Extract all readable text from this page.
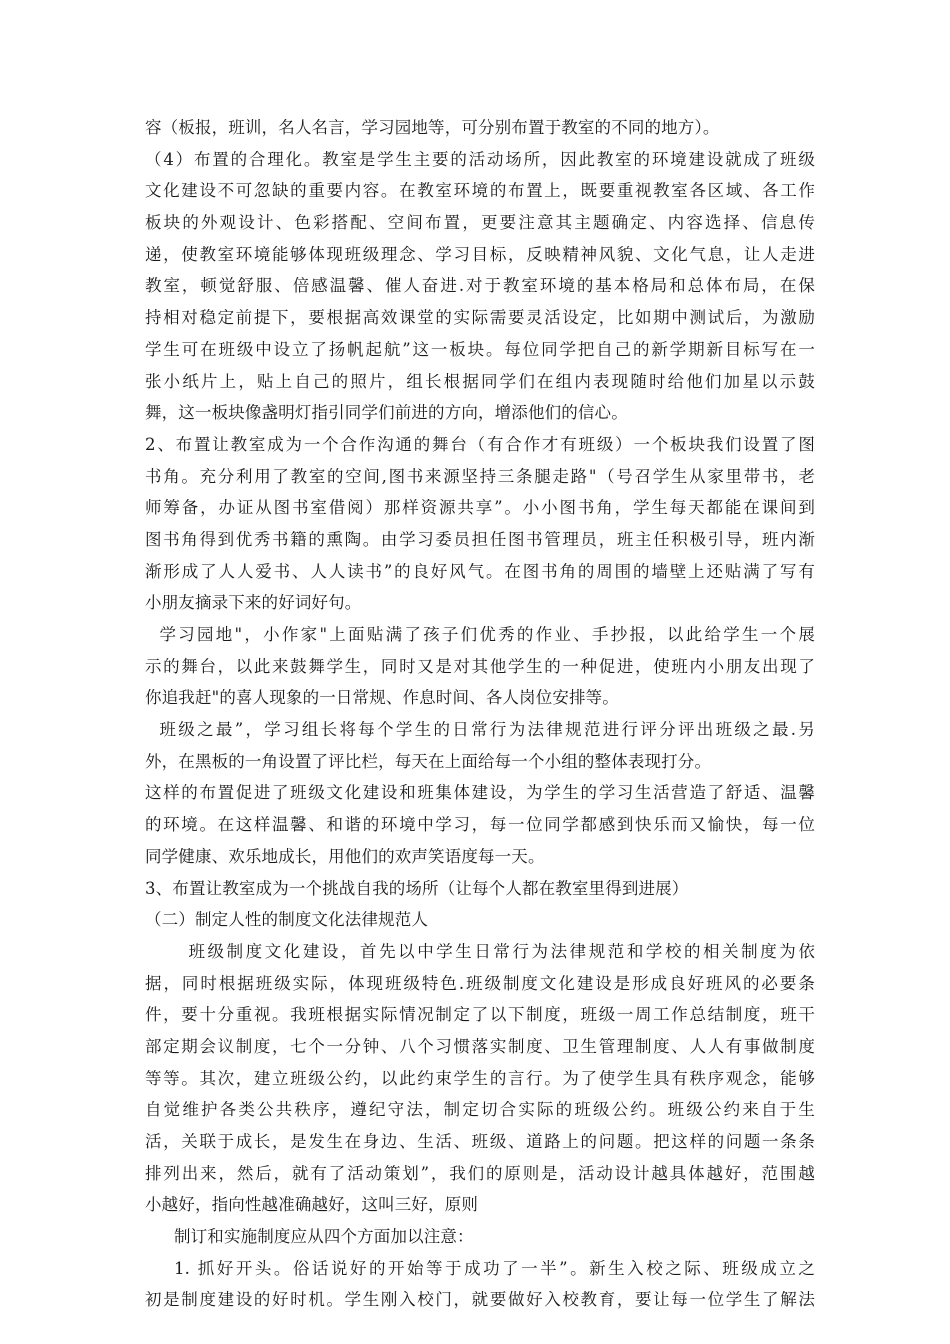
容（板报，班训，名人名言，学习园地等，可分别布置于教室的不同的地方）。
（4）布置的合理化。教室是学生主要的活动场所，因此教室的环境建设就成了班级
文化建设不可忽缺的重要内容。在教室环境的布置上，既要重视教室各区域、各工作
板块的外观设计、色彩搭配、空间布置，更要注意其主题确定、内容选择、信息传
递，使教室环境能够体现班级理念、学习目标，反映精神风貌、文化气息，让人走进
教室，顿觉舒服、倍感温馨、催人奋进.对于教室环境的基本格局和总体布局，在保
持相对稳定前提下，要根据高效课堂的实际需要灵活设定，比如期中测试后，为激励
学生可在班级中设立了扬帆起航”这一板块。每位同学把自己的新学期新目标写在一
张小纸片上，贴上自己的照片，组长根据同学们在组内表现随时给他们加星以示鼓
舞，这一板块像盏明灯指引同学们前进的方向，增添他们的信心。
2、布置让教室成为一个合作沟通的舞台（有合作才有班级）一个板块我们设置了图
书角。充分利用了教室的空间,图书来源坚持三条腿走路"（号召学生从家里带书，老
师筹备，办证从图书室借阅）那样资源共享”。小小图书角，学生每天都能在课间到
图书角得到优秀书籍的熏陶。由学习委员担任图书管理员，班主任积极引导，班内渐
渐形成了人人爱书、人人读书”的良好风气。在图书角的周围的墙壁上还贴满了写有
小朋友摘录下来的好词好句。
学习园地"，小作家"上面贴满了孩子们优秀的作业、手抄报，以此给学生一个展
示的舞台，以此来鼓舞学生，同时又是对其他学生的一种促进，使班内小朋友出现了
你追我赶"的喜人现象的一日常规、作息时间、各人岗位安排等。
班级之最”，学习组长将每个学生的日常行为法律规范进行评分评出班级之最.另
外，在黑板的一角设置了评比栏，每天在上面给每一个小组的整体表现打分。
这样的布置促进了班级文化建设和班集体建设，为学生的学习生活营造了舒适、温馨
的环境。在这样温馨、和谐的环境中学习，每一位同学都感到快乐而又愉快，每一位
同学健康、欢乐地成长，用他们的欢声笑语度每一天。
3、布置让教室成为一个挑战自我的场所（让每个人都在教室里得到进展）
（二）制定人性的制度文化法律规范人
班级制度文化建设，首先以中学生日常行为法律规范和学校的相关制度为依
据，同时根据班级实际，体现班级特色.班级制度文化建设是形成良好班风的必要条
件，要十分重视。我班根据实际情况制定了以下制度，班级一周工作总结制度，班干
部定期会议制度，七个一分钟、八个习惯落实制度、卫生管理制度、人人有事做制度
等等。其次，建立班级公约，以此约束学生的言行。为了使学生具有秩序观念，能够
自觉维护各类公共秩序，遵纪守法，制定切合实际的班级公约。班级公约来自于生
活，关联于成长，是发生在身边、生活、班级、道路上的问题。把这样的问题一条条
排列出来，然后，就有了活动策划”，我们的原则是，活动设计越具体越好，范围越
小越好，指向性越准确越好，这叫三好，原则
制订和实施制度应从四个方面加以注意：
1. 抓好开头。俗话说好的开始等于成功了一半”。新生入校之际、班级成立之
初是制度建设的好时机。学生刚入校门，就要做好入校教育，要让每一位学生了解法
